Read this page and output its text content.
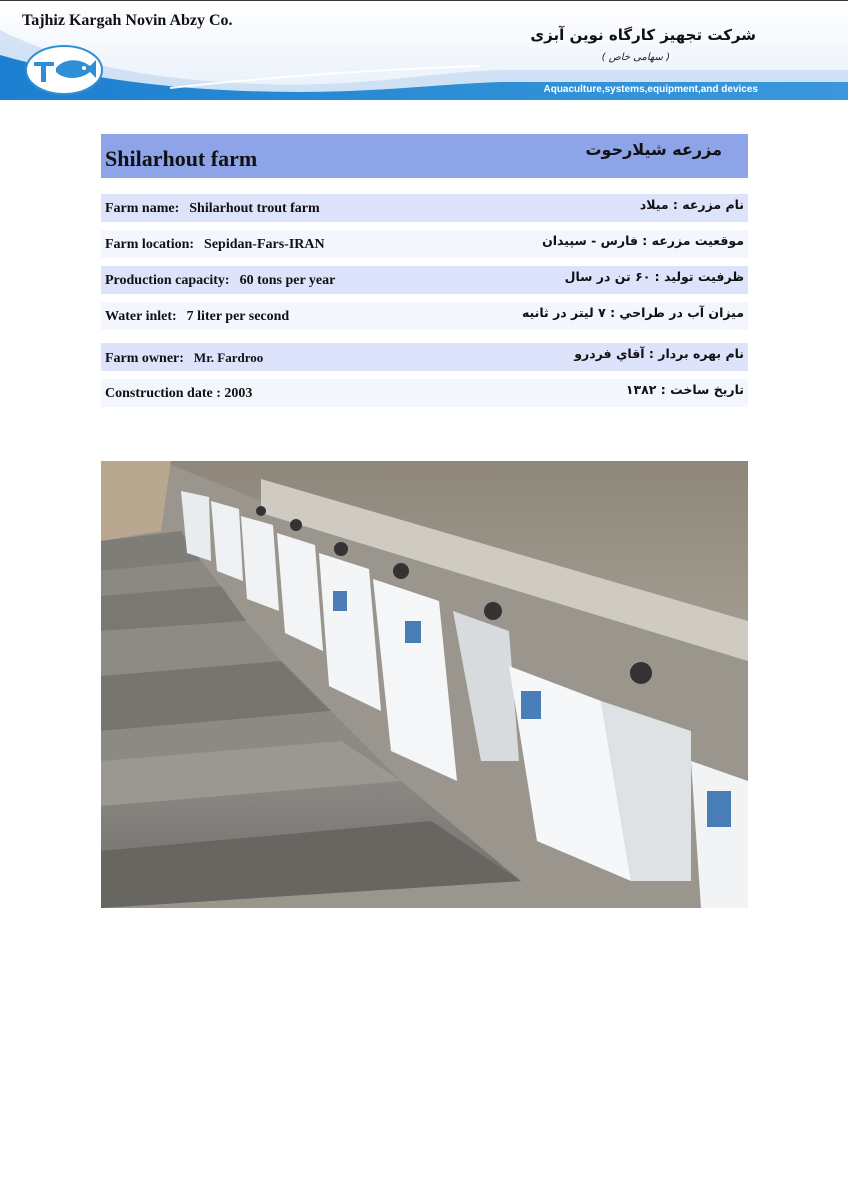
Tajhiz Kargah Novin Abzy Co.
شرکت تجهیز کارگاه نوین آبزی
( سهامی خاص )
Aquaculture,systems,equipment,and devices
Shilarhout farm	مزرعه شیلارحوت
Farm name: Shilarhout trout farm	نام مزرعه : میلاد
Farm location: Sepidan-Fars-IRAN	موقعیت مزرعه : فارس - سپیدان
Production capacity: 60 tons per year	ظرفیت تولید : ۶۰ تن در سال
Water inlet: 7 liter per second	میزان آب در طراحي : ۷ لیتر در ثانیه
Farm owner: Mr. Fardroo	نام بهره بردار : آقاي فردرو
Construction date : 2003	تاریخ ساخت : ۱۳۸۲
